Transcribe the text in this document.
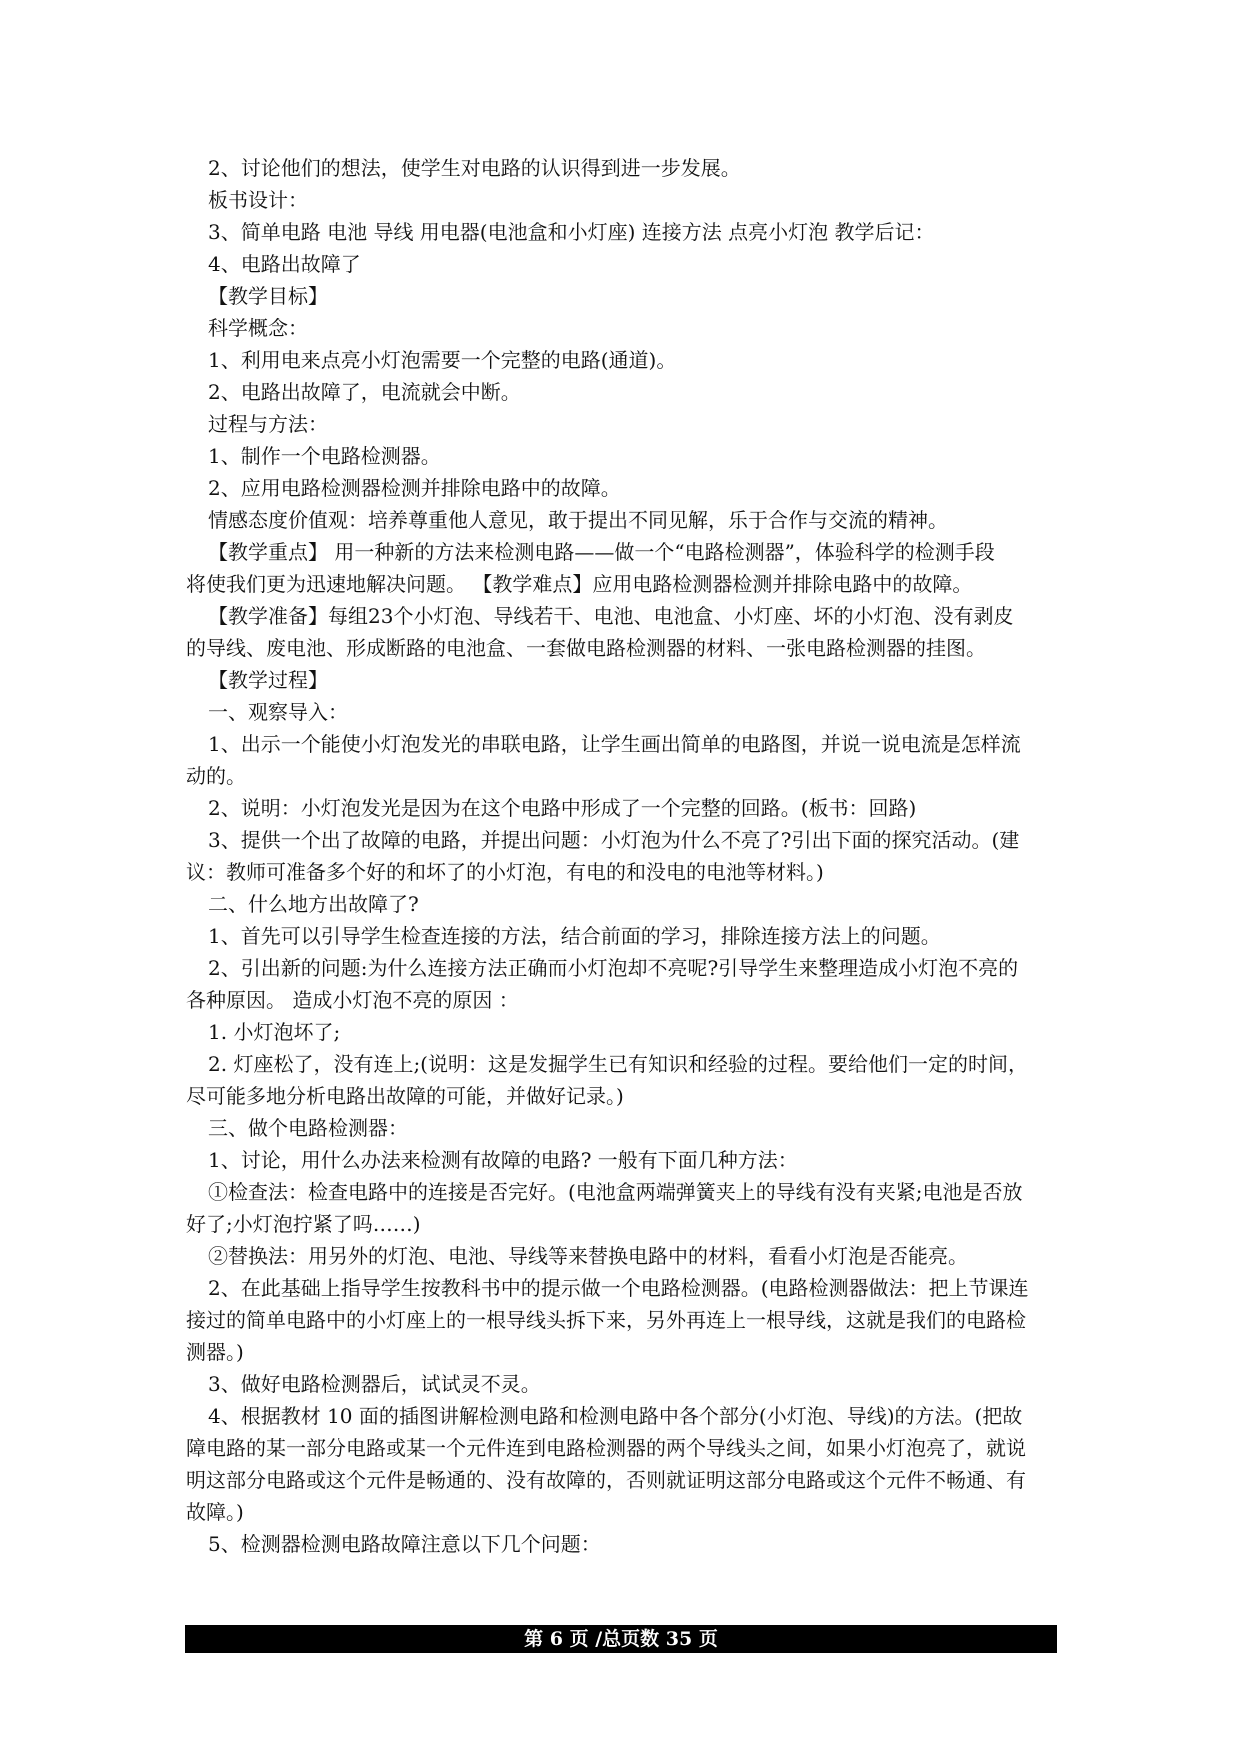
2、讨论他们的想法，使学生对电路的认识得到进一步发展。
板书设计：
3、简单电路 电池 导线 用电器(电池盒和小灯座) 连接方法 点亮小灯泡 教学后记：
4、电路出故障了
【教学目标】
科学概念：
1、利用电来点亮小灯泡需要一个完整的电路(通道)。
2、电路出故障了，电流就会中断。
过程与方法：
1、制作一个电路检测器。
2、应用电路检测器检测并排除电路中的故障。
情感态度价值观：培养尊重他人意见，敢于提出不同见解，乐于合作与交流的精神。
【教学重点】 用一种新的方法来检测电路——做一个“电路检测器”，体验科学的检测手段
将使我们更为迅速地解决问题。 【教学难点】应用电路检测器检测并排除电路中的故障。
【教学准备】每组23个小灯泡、导线若干、电池、电池盒、小灯座、坏的小灯泡、没有剥皮
的导线、废电池、形成断路的电池盒、一套做电路检测器的材料、一张电路检测器的挂图。
【教学过程】
一、观察导入：
1、出示一个能使小灯泡发光的串联电路，让学生画出简单的电路图，并说一说电流是怎样流
动的。
2、说明：小灯泡发光是因为在这个电路中形成了一个完整的回路。(板书：回路)
3、提供一个出了故障的电路，并提出问题：小灯泡为什么不亮了?引出下面的探究活动。(建
议：教师可准备多个好的和坏了的小灯泡，有电的和没电的电池等材料。)
二、什么地方出故障了?
1、首先可以引导学生检查连接的方法，结合前面的学习，排除连接方法上的问题。
2、引出新的问题:为什么连接方法正确而小灯泡却不亮呢?引导学生来整理造成小灯泡不亮的
各种原因。 造成小灯泡不亮的原因 ：
1. 小灯泡坏了;
2. 灯座松了，没有连上;(说明：这是发掘学生已有知识和经验的过程。要给他们一定的时间，
尽可能多地分析电路出故障的可能，并做好记录。)
三、做个电路检测器：
1、讨论，用什么办法来检测有故障的电路? 一般有下面几种方法：
①检查法：检查电路中的连接是否完好。(电池盒两端弹簧夹上的导线有没有夹紧;电池是否放
好了;小灯泡拧紧了吗……)
②替换法：用另外的灯泡、电池、导线等来替换电路中的材料，看看小灯泡是否能亮。
2、在此基础上指导学生按教科书中的提示做一个电路检测器。(电路检测器做法：把上节课连
接过的简单电路中的小灯座上的一根导线头拆下来，另外再连上一根导线，这就是我们的电路检
测器。)
3、做好电路检测器后，试试灵不灵。
4、根据教材 10 面的插图讲解检测电路和检测电路中各个部分(小灯泡、导线)的方法。(把故
障电路的某一部分电路或某一个元件连到电路检测器的两个导线头之间，如果小灯泡亮了，就说
明这部分电路或这个元件是畅通的、没有故障的，否则就证明这部分电路或这个元件不畅通、有
故障。)
5、检测器检测电路故障注意以下几个问题：
第 6 页 /总页数 35 页
